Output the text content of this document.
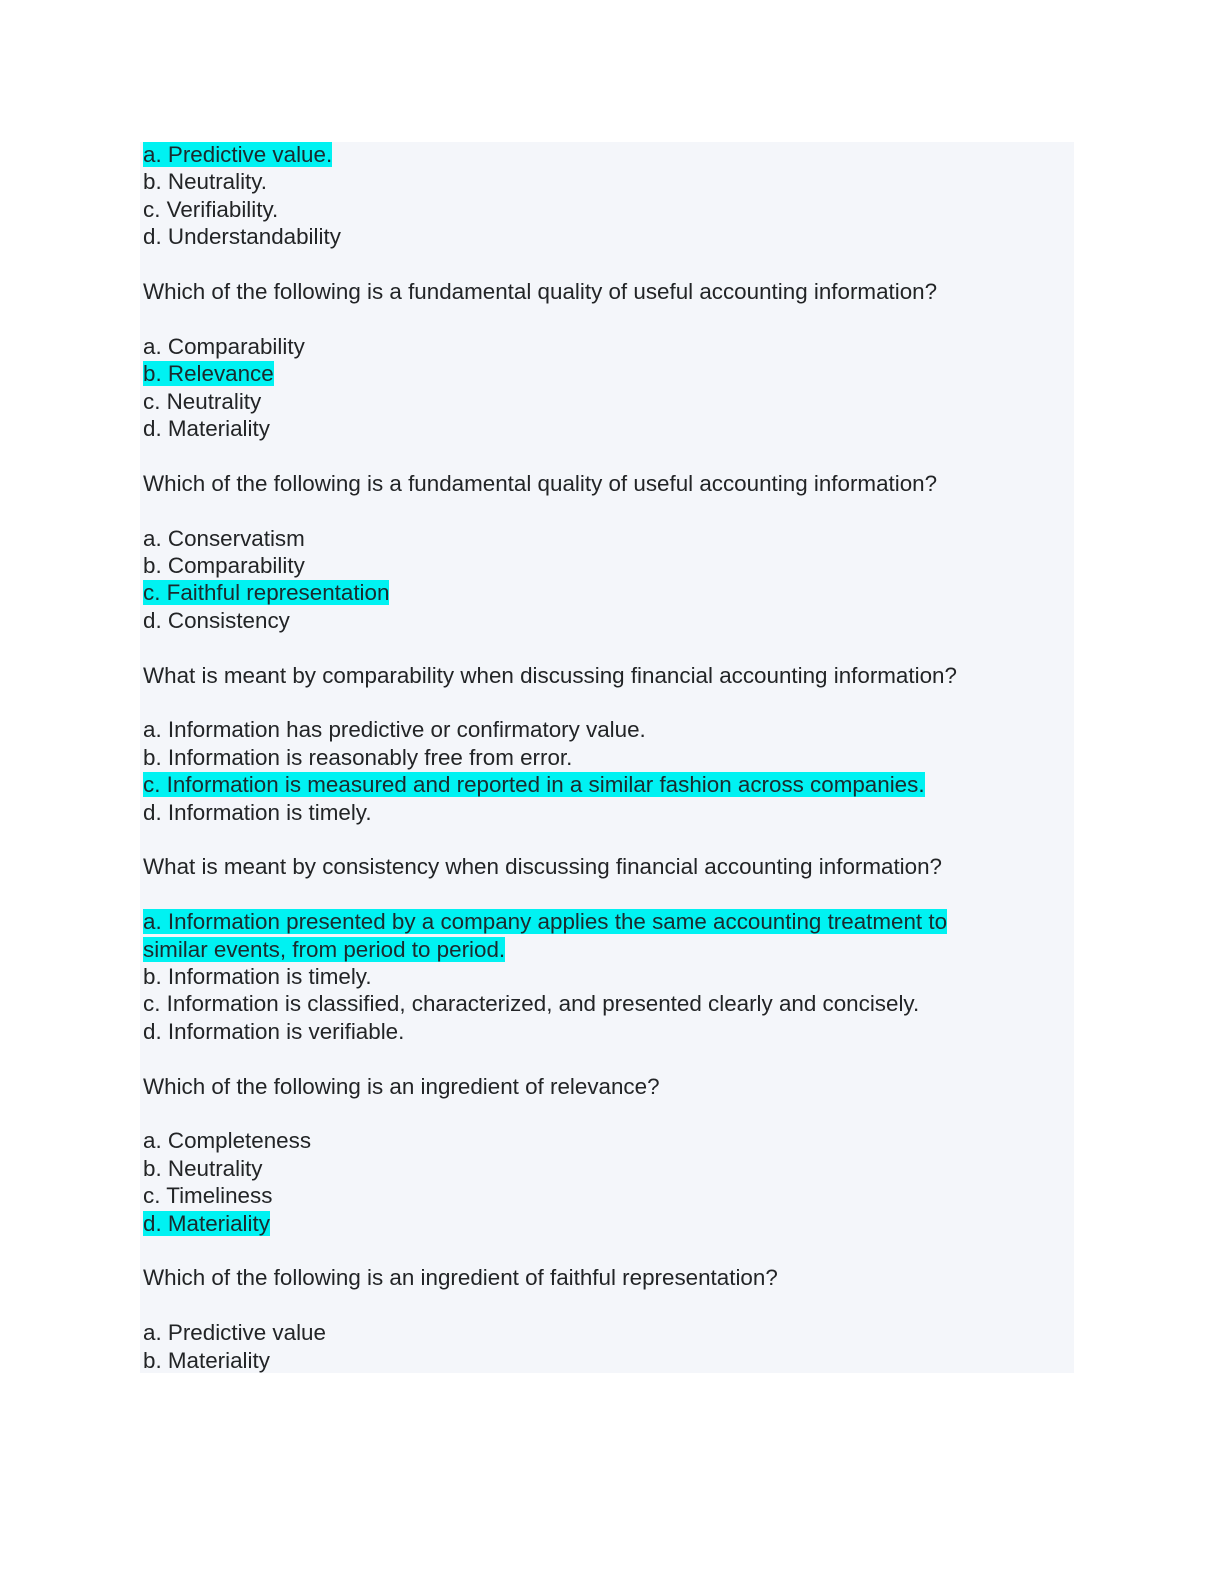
a. Predictive value.
b. Neutrality.
c. Verifiability.
d. Understandability
Which of the following is a fundamental quality of useful accounting information?
a. Comparability
b. Relevance
c. Neutrality
d. Materiality
Which of the following is a fundamental quality of useful accounting information?
a. Conservatism
b. Comparability
c. Faithful representation
d. Consistency
What is meant by comparability when discussing financial accounting information?
a. Information has predictive or confirmatory value.
b. Information is reasonably free from error.
c. Information is measured and reported in a similar fashion across companies.
d. Information is timely.
What is meant by consistency when discussing financial accounting information?
a. Information presented by a company applies the same accounting treatment to
similar events, from period to period.
b. Information is timely.
c. Information is classified, characterized, and presented clearly and concisely.
d. Information is verifiable.
Which of the following is an ingredient of relevance?
a. Completeness
b. Neutrality
c. Timeliness
d. Materiality
Which of the following is an ingredient of faithful representation?
a. Predictive value
b. Materiality
